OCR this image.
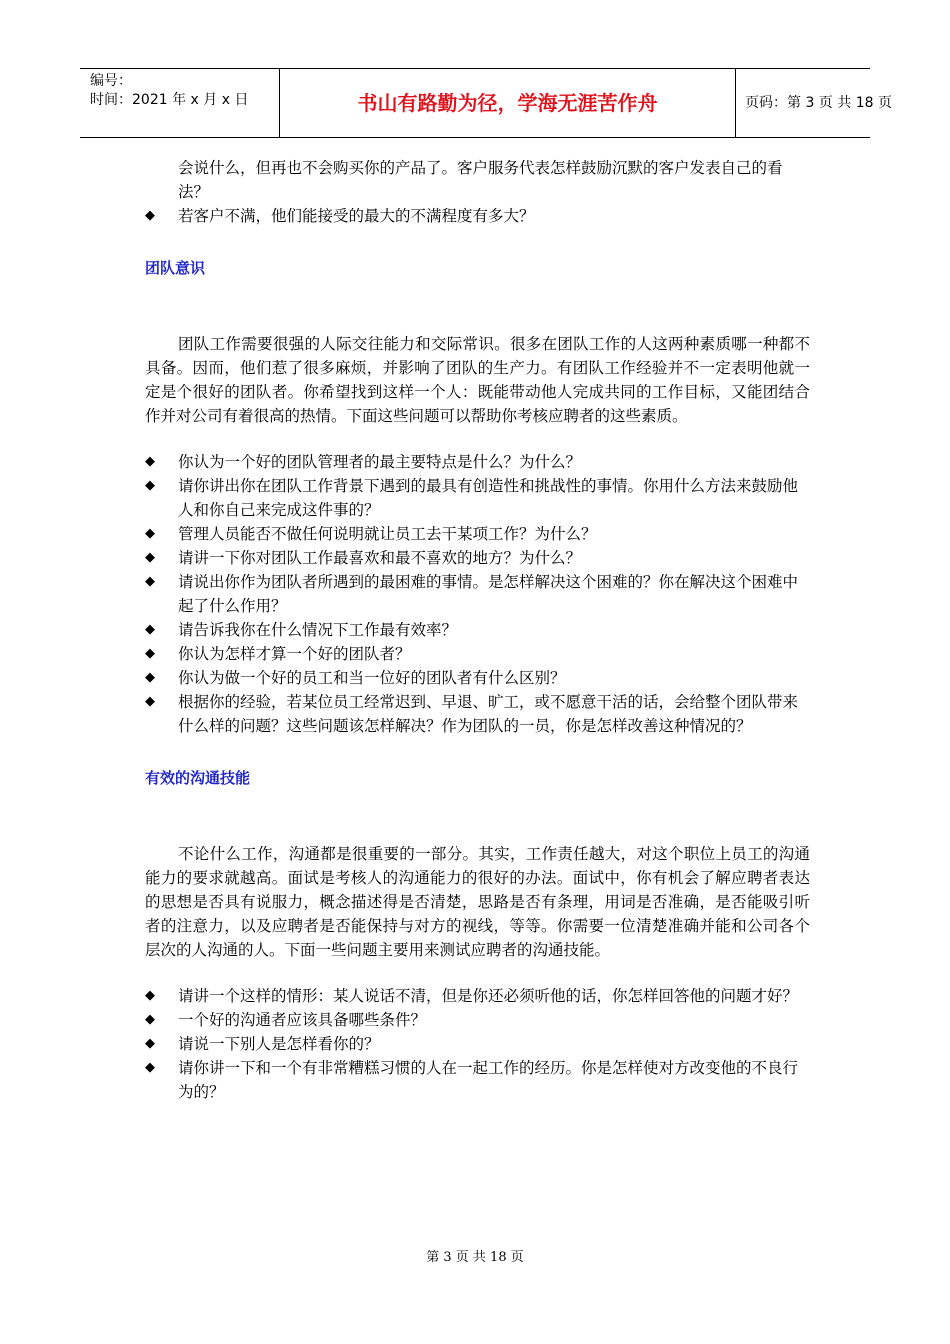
编号：
时间：2021 年 x 月 x 日	书山有路勤为径，学海无涯苦作舟	页码：第 3 页 共 18 页
会说什么，但再也不会购买你的产品了。客户服务代表怎样鼓励沉默的客户发表自己的看法？
◆ 若客户不满，他们能接受的最大的不满程度有多大？
团队意识
团队工作需要很强的人际交往能力和交际常识。很多在团队工作的人这两种素质哪一种都不具备。因而，他们惹了很多麻烦，并影响了团队的生产力。有团队工作经验并不一定表明他就一定是个很好的团队者。你希望找到这样一个人：既能带动他人完成共同的工作目标，又能团结合作并对公司有着很高的热情。下面这些问题可以帮助你考核应聘者的这些素质。
◆ 你认为一个好的团队管理者的最主要特点是什么？为什么？
◆ 请你讲出你在团队工作背景下遇到的最具有创造性和挑战性的事情。你用什么方法来鼓励他人和你自己来完成这件事的？
◆ 管理人员能否不做任何说明就让员工去干某项工作？为什么？
◆ 请讲一下你对团队工作最喜欢和最不喜欢的地方？为什么？
◆ 请说出你作为团队者所遇到的最困难的事情。是怎样解决这个困难的？你在解决这个困难中起了什么作用？
◆ 请告诉我你在什么情况下工作最有效率？
◆ 你认为怎样才算一个好的团队者？
◆ 你认为做一个好的员工和当一位好的团队者有什么区别？
◆ 根据你的经验，若某位员工经常迟到、早退、旷工，或不愿意干活的话，会给整个团队带来什么样的问题？这些问题该怎样解决？作为团队的一员，你是怎样改善这种情况的？
有效的沟通技能
不论什么工作，沟通都是很重要的一部分。其实，工作责任越大，对这个职位上员工的沟通能力的要求就越高。面试是考核人的沟通能力的很好的办法。面试中，你有机会了解应聘者表达的思想是否具有说服力，概念描述得是否清楚，思路是否有条理，用词是否准确，是否能吸引听者的注意力，以及应聘者是否能保持与对方的视线，等等。你需要一位清楚准确并能和公司各个层次的人沟通的人。下面一些问题主要用来测试应聘者的沟通技能。
◆ 请讲一个这样的情形：某人说话不清，但是你还必须听他的话，你怎样回答他的问题才好？
◆ 一个好的沟通者应该具备哪些条件？
◆ 请说一下别人是怎样看你的？
◆ 请你讲一下和一个有非常糟糕习惯的人在一起工作的经历。你是怎样使对方改变他的不良行为的？
第 3 页 共 18 页
